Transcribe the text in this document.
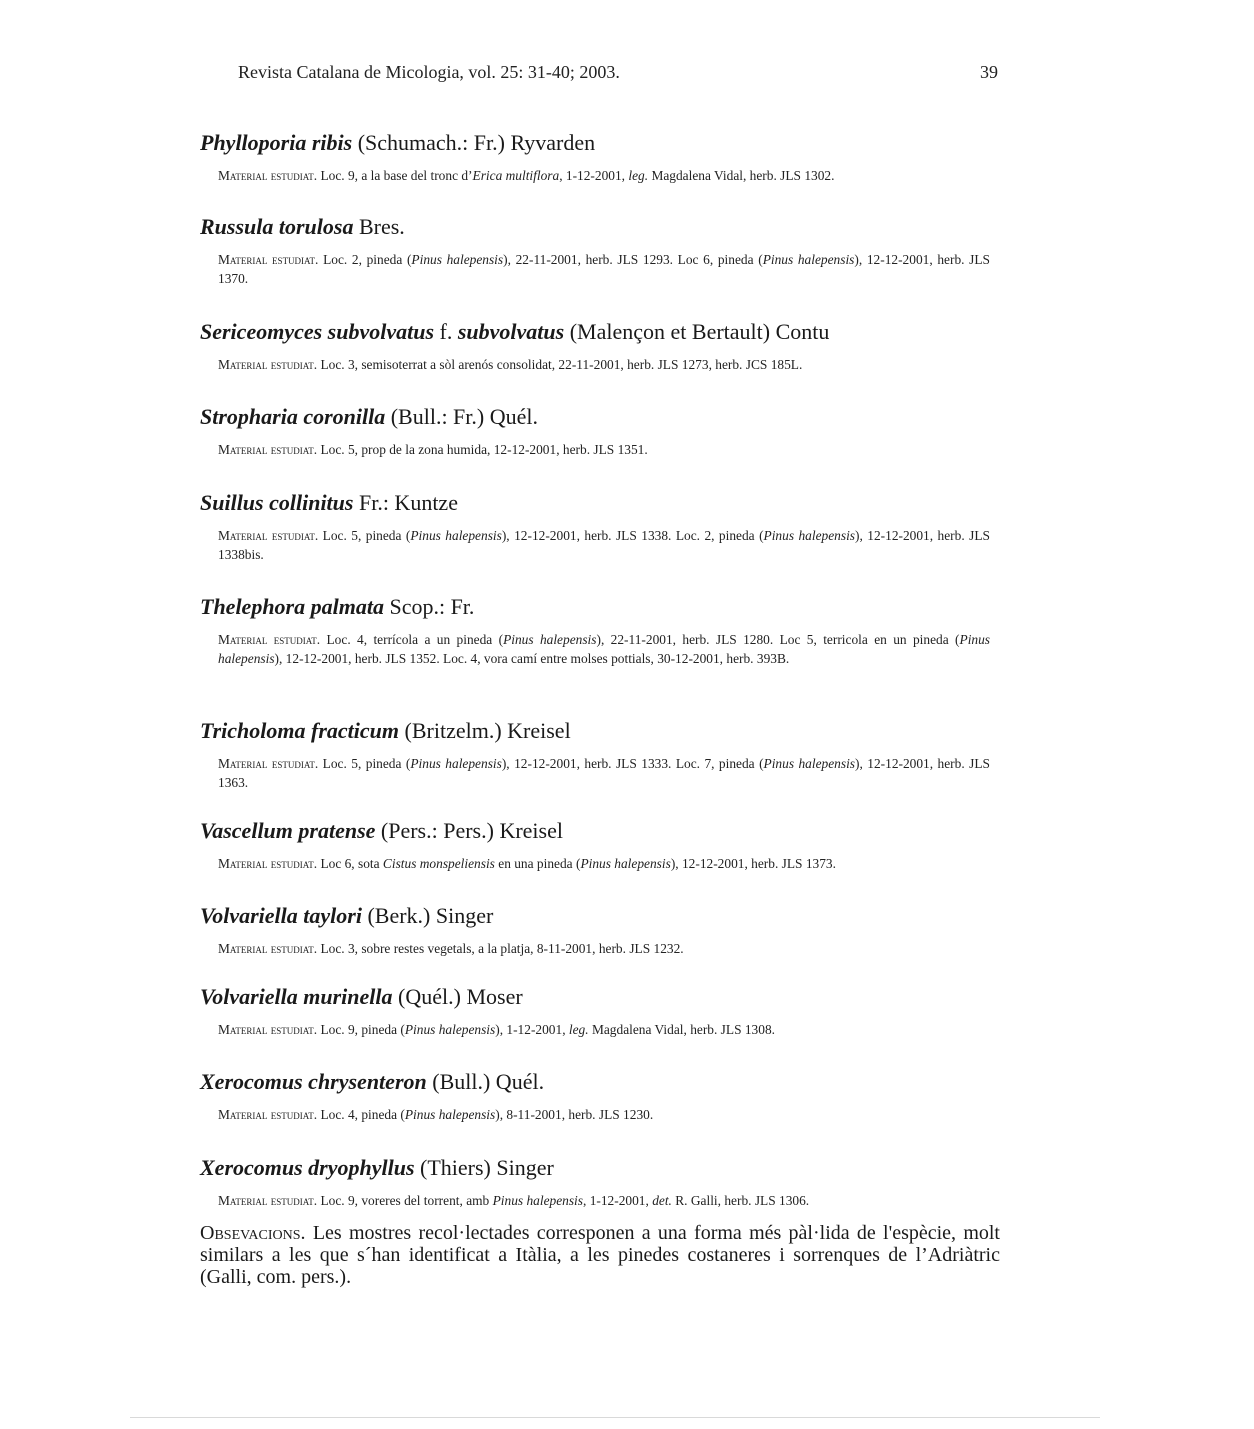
Revista Catalana de Micologia, vol. 25: 31-40; 2003.	39
Phylloporia ribis (Schumach.: Fr.) Ryvarden
Material estudiat. Loc. 9, a la base del tronc d’Erica multiflora, 1-12-2001, leg. Magdalena Vidal, herb. JLS 1302.
Russula torulosa Bres.
Material estudiat. Loc. 2, pineda (Pinus halepensis), 22-11-2001, herb. JLS 1293. Loc 6, pineda (Pinus halepensis), 12-12-2001, herb. JLS 1370.
Sericeomyces subvolvatus f. subvolvatus (Malençon et Bertault) Contu
Material estudiat. Loc. 3, semisoterrat a sòl arenós consolidat, 22-11-2001, herb. JLS 1273, herb. JCS 185L.
Stropharia coronilla (Bull.: Fr.) Quél.
Material estudiat. Loc. 5, prop de la zona humida, 12-12-2001, herb. JLS 1351.
Suillus collinitus Fr.: Kuntze
Material estudiat. Loc. 5, pineda (Pinus halepensis), 12-12-2001, herb. JLS 1338. Loc. 2, pineda (Pinus halepensis), 12-12-2001, herb. JLS 1338bis.
Thelephora palmata Scop.: Fr.
Material estudiat. Loc. 4, terrícola a un pineda (Pinus halepensis), 22-11-2001, herb. JLS 1280. Loc 5, terricola en un pineda (Pinus halepensis), 12-12-2001, herb. JLS 1352. Loc. 4, vora camí entre molses pottials, 30-12-2001, herb. 393B.
Tricholoma fracticum (Britzelm.) Kreisel
Material estudiat. Loc. 5, pineda (Pinus halepensis), 12-12-2001, herb. JLS 1333. Loc. 7, pineda (Pinus halepensis), 12-12-2001, herb. JLS 1363.
Vascellum pratense (Pers.: Pers.) Kreisel
Material estudiat. Loc 6, sota Cistus monspeliensis en una pineda (Pinus halepensis), 12-12-2001, herb. JLS 1373.
Volvariella taylori (Berk.) Singer
Material estudiat. Loc. 3, sobre restes vegetals, a la platja, 8-11-2001, herb. JLS 1232.
Volvariella murinella (Quél.) Moser
Material estudiat. Loc. 9, pineda (Pinus halepensis), 1-12-2001, leg. Magdalena Vidal, herb. JLS 1308.
Xerocomus chrysenteron (Bull.) Quél.
Material estudiat. Loc. 4, pineda (Pinus halepensis), 8-11-2001, herb. JLS 1230.
Xerocomus dryophyllus (Thiers) Singer
Material estudiat. Loc. 9, voreres del torrent, amb Pinus halepensis, 1-12-2001, det. R. Galli, herb. JLS 1306.
Obsevacions. Les mostres recol·lectades corresponen a una forma més pàl·lida de l'espècie, molt similars a les que s´han identificat a Itàlia, a les pinedes costaneres i sorrenques de l’Adriàtric (Galli, com. pers.).
